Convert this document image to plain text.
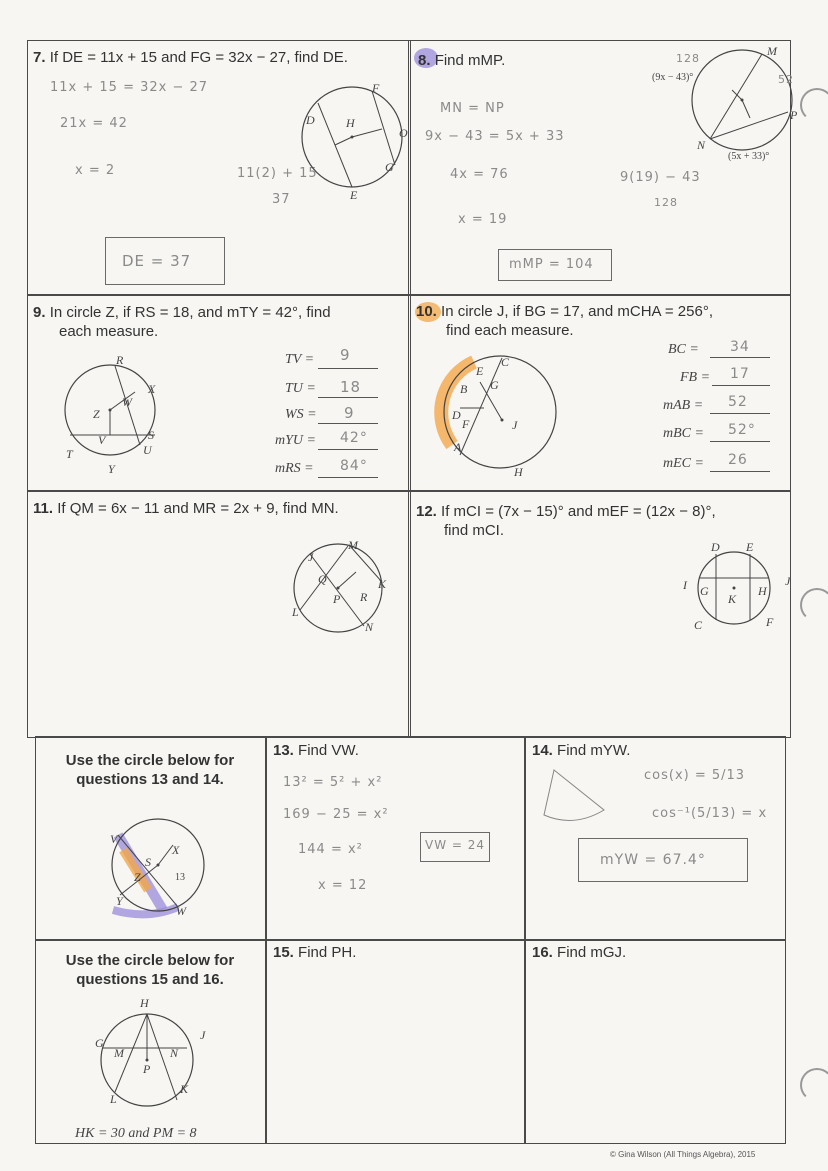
7. If DE = 11x + 15 and FG = 32x − 27, find DE.
11x + 15 = 32x − 27
21x = 42
x = 2	11(2) + 15
37
DE = 37
D	H
F
G
E
O
8. Find mMP.
MN = NP
9x − 43 = 5x + 33
4x = 76
x = 19
9(19) − 43
128
mMP = 104
M
N
P
(9x − 43)°
(5x + 33)°
128
52
9. In circle Z, if RS = 18, and mTY = 42°, find
each measure.
R
X
W
Z
S
V
U
T
Y
TV = 9
TU = 18
WS = 9
mYU = 42°
mRS = 84°
10. In circle J, if BG = 17, and mCHA = 256°,
find each measure.
E
C
B G
D
F	J
A
H
BC = 34
FB = 17
mAB = 52
mBC = 52°
mEC = 26
11. If QM = 6x − 11 and MR = 2x + 9, find MN.
J
M
Q	K
P R
L
N
12. If mCI = (7x − 15)° and mEF = (12x − 8)°,
find mCI.
D E
I G
K
H
J
C	F
Use the circle below for
questions 13 and 14.
V
S
X
Z	13
Y
W
13. Find VW.
13² = 5² + x²
169 − 25 = x²
144 = x²
x = 12
VW = 24
14. Find mYW.
cos(x) = 5/13
cos⁻¹(5/13) = x
mYW = 67.4°
Use the circle below for
questions 15 and 16.
H
J
G
M	N
P
L
K
HK = 30 and PM = 8
15. Find PH.	16. Find mGJ.
© Gina Wilson (All Things Algebra), 2015
